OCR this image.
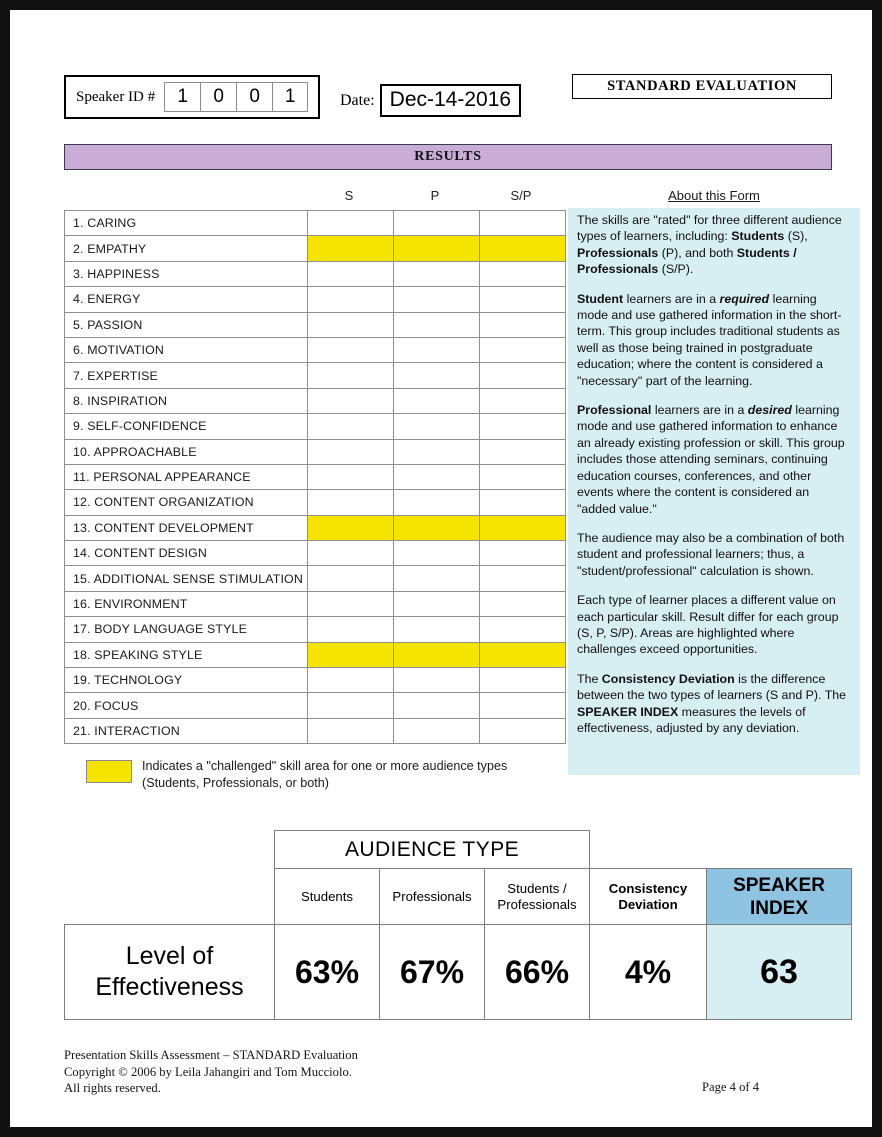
Speaker ID #	1	0	0	1	Date: Dec-14-2016
STANDARD EVALUATION
RESULTS
S	P	S/P
1. CARING			
2. EMPATHY			
3. HAPPINESS			
4. ENERGY			
5. PASSION			
6. MOTIVATION			
7. EXPERTISE			
8. INSPIRATION			
9. SELF-CONFIDENCE			
10. APPROACHABLE			
11. PERSONAL APPEARANCE			
12. CONTENT ORGANIZATION			
13. CONTENT DEVELOPMENT			
14. CONTENT DESIGN			
15. ADDITIONAL SENSE STIMULATION			
16. ENVIRONMENT			
17. BODY LANGUAGE STYLE			
18. SPEAKING STYLE			
19. TECHNOLOGY			
20. FOCUS			
21. INTERACTION			
About this Form

The skills are "rated" for three different audience types of learners, including: Students (S), Professionals (P), and both Students / Professionals (S/P).

Student learners are in a required learning mode and use gathered information in the short-term. This group includes traditional students as well as those being trained in postgraduate education; where the content is considered a "necessary" part of the learning.

Professional learners are in a desired learning mode and use gathered information to enhance an already existing profession or skill. This group includes those attending seminars, continuing education courses, conferences, and other events where the content is considered an "added value."

The audience may also be a combination of both student and professional learners; thus, a "student/professional" calculation is shown.

Each type of learner places a different value on each particular skill. Result differ for each group (S, P, S/P). Areas are highlighted where challenges exceed opportunities.

The Consistency Deviation is the difference between the two types of learners (S and P). The SPEAKER INDEX measures the levels of effectiveness, adjusted by any deviation.

Indicates a "challenged" skill area for one or more audience types (Students, Professionals, or both)
	AUDIENCE TYPE				
	Students	Professionals	Students / Professionals	Consistency Deviation	SPEAKER INDEX
Level of Effectiveness	63%	67%	66%	4%	63
Presentation Skills Assessment – STANDARD Evaluation
Copyright © 2006 by Leila Jahangiri and Tom Mucciolo.
All rights reserved.	Page 4 of 4
